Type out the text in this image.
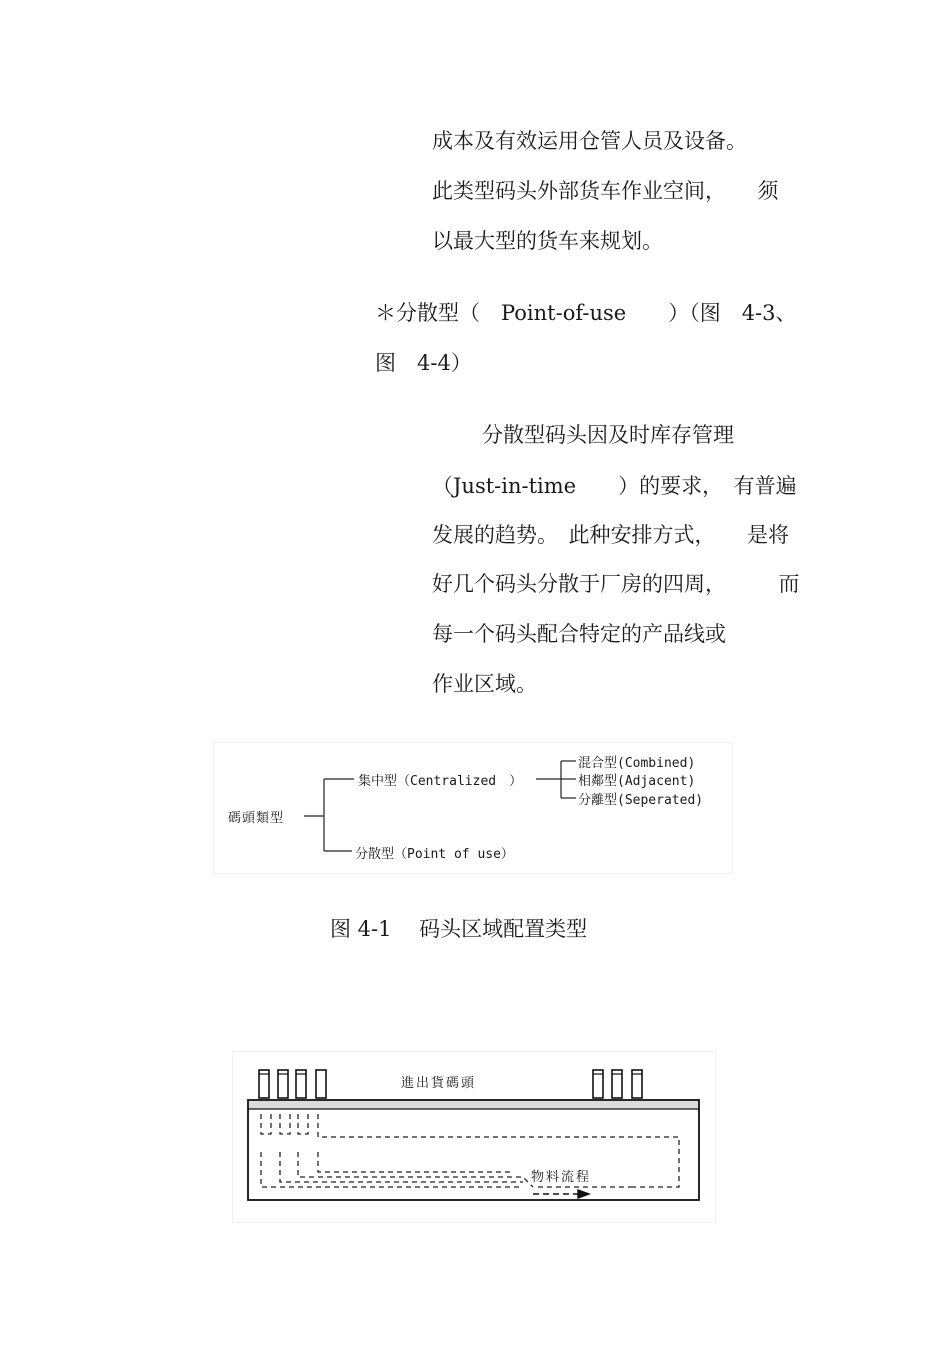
成本及有效运用仓管人员及设备。

此类型码头外部货车作业空间，　　须

以最大型的货车来规划。

＊分散型（　Point-of-use　　）（图　4-3、

图　4-4）

分散型码头因及时库存管理

（Just-in-time　　）的要求，　有普遍

发展的趋势。　此种安排方式，　　是将

好几个码头分散于厂房的四周，　　　而

每一个码头配合特定的产品线或

作业区域。

碼頭類型
集中型（Centralized　）
混合型(Combined)
相鄰型(Adjacent)
分離型(Seperated)
分散型（Point of use）

图 4-1　 码头区域配置类型

進出貨碼頭
物料流程
